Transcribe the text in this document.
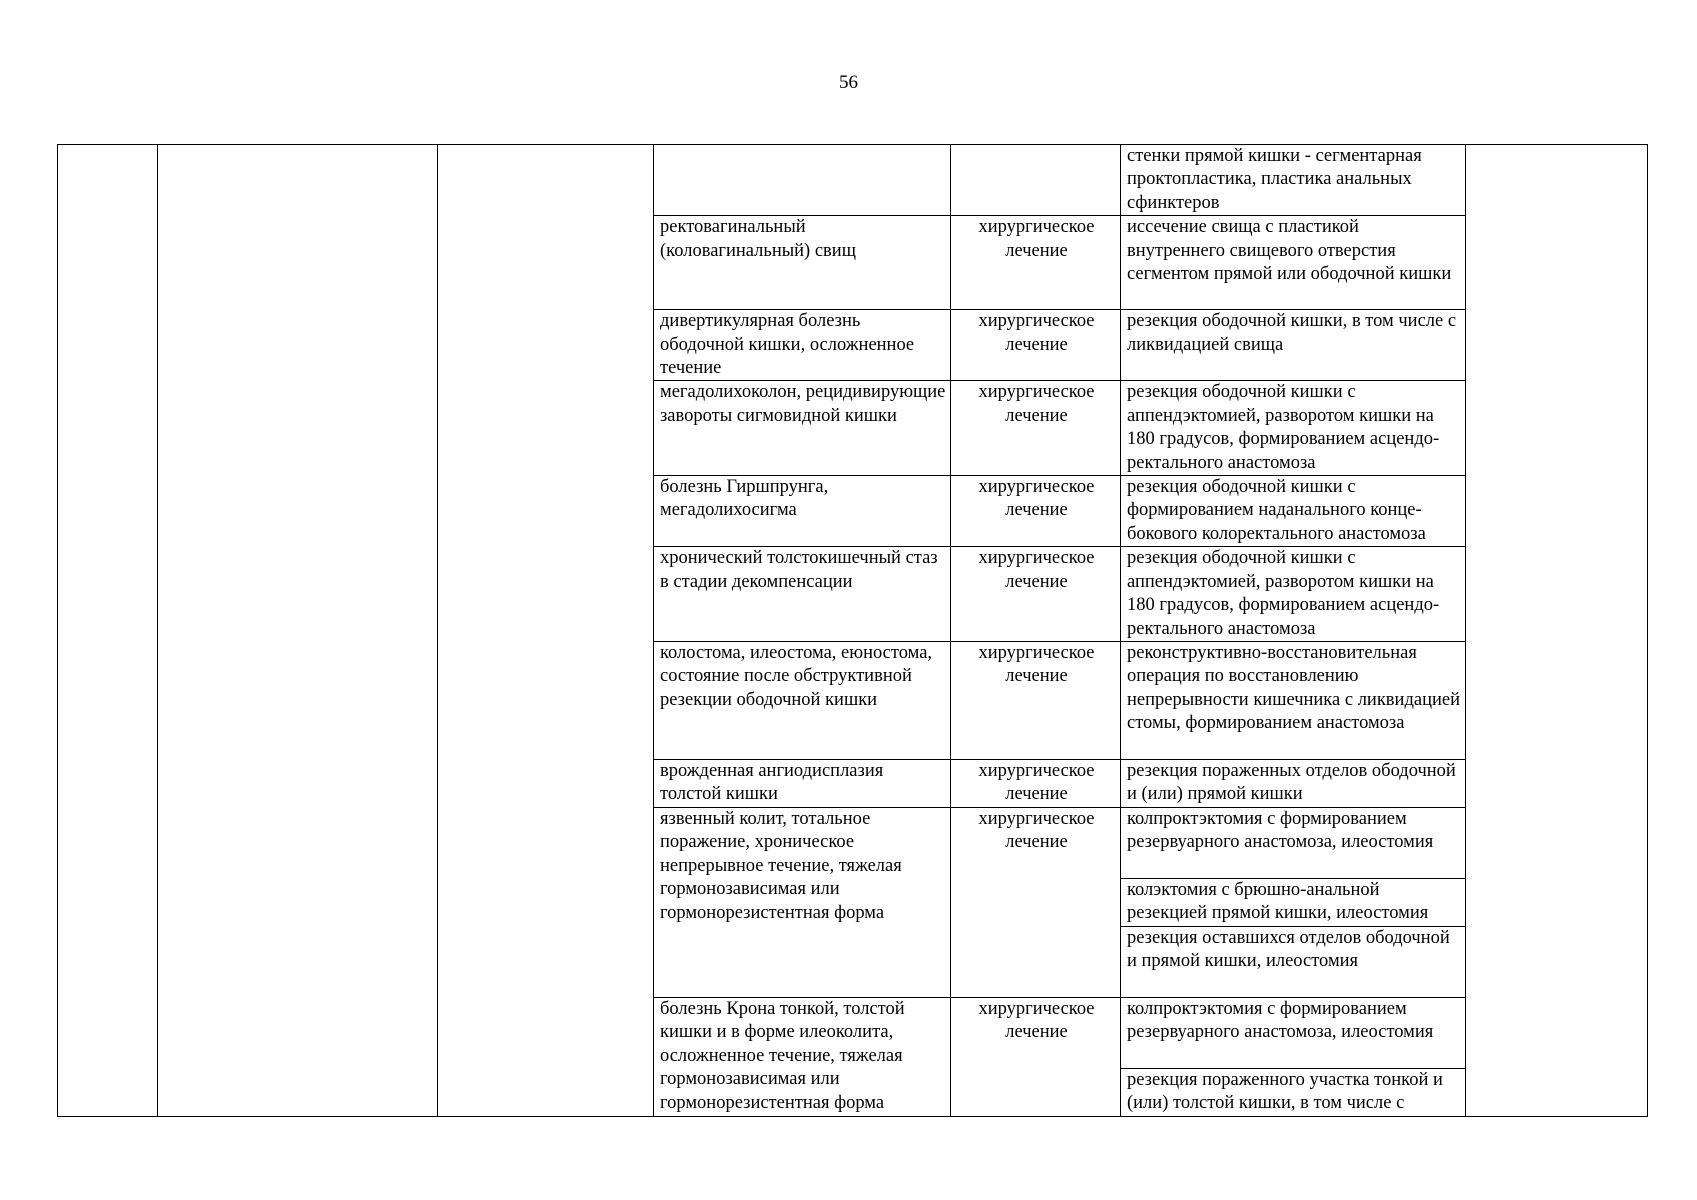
56
					стенки прямой кишки - сегментарная проктопластика, пластика анальных сфинктеров	
			ректовагинальный (коловагинальный) свищ	хирургическое лечение	иссечение свища с пластикой внутреннего свищевого отверстия сегментом прямой или ободочной кишки	
			дивертикулярная болезнь ободочной кишки, осложненное течение	хирургическое лечение	резекция ободочной кишки, в том числе с ликвидацией свища	
			мегадолихоколон, рецидивирующие завороты сигмовидной кишки	хирургическое лечение	резекция ободочной кишки с аппендэктомией, разворотом кишки на 180 градусов, формированием асцендо-ректального анастомоза	
			болезнь Гиршпрунга, мегадолихосигма	хирургическое лечение	резекция ободочной кишки с формированием наданального конце-бокового колоректального анастомоза	
			хронический толстокишечный стаз в стадии декомпенсации	хирургическое лечение	резекция ободочной кишки с аппендэктомией, разворотом кишки на 180 градусов, формированием асцендо-ректального анастомоза	
			колостома, илеостома, еюностома, состояние после обструктивной резекции ободочной кишки	хирургическое лечение	реконструктивно-восстановительная операция по восстановлению непрерывности кишечника с ликвидацией стомы, формированием анастомоза	
			врожденная ангиодисплазия толстой кишки	хирургическое лечение	резекция пораженных отделов ободочной и (или) прямой кишки	
			язвенный колит, тотальное поражение, хроническое непрерывное течение, тяжелая гормонозависимая или гормонорезистентная форма	хирургическое лечение	колпроктэктомия с формированием резервуарного анастомоза, илеостомия	
					колэктомия с брюшно-анальной резекцией прямой кишки, илеостомия	
					резекция оставшихся отделов ободочной и прямой кишки, илеостомия	
			болезнь Крона тонкой, толстой кишки и в форме илеоколита, осложненное течение, тяжелая гормонозависимая или гормонорезистентная форма	хирургическое лечение	колпроктэктомия с формированием резервуарного анастомоза, илеостомия	
					резекция пораженного участка тонкой и (или) толстой кишки, в том числе с	
